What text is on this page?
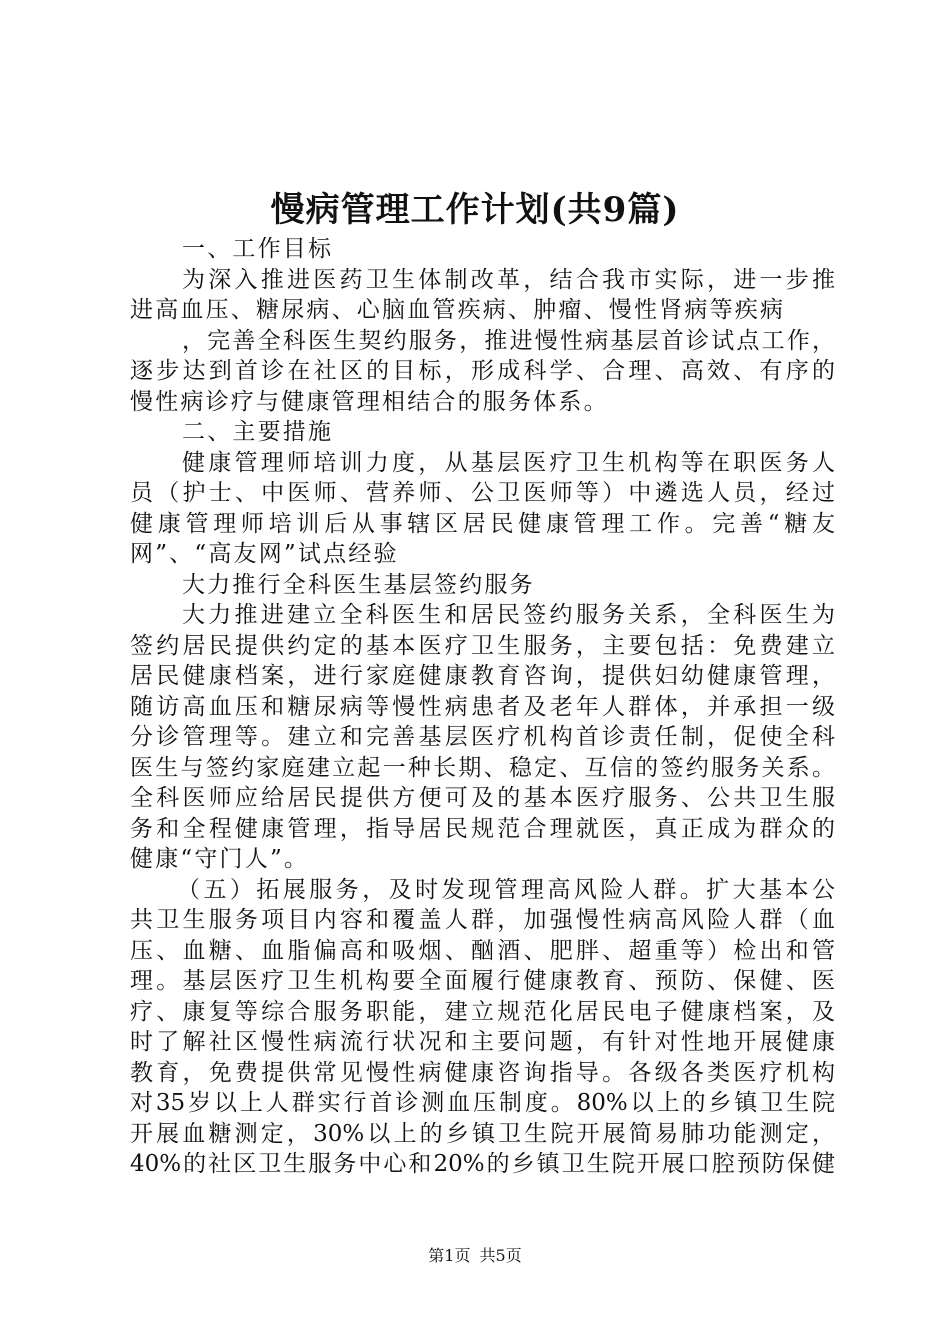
慢病管理工作计划(共9篇)
一、工作目标
为深入推进医药卫生体制改革，结合我市实际，进一步推
进高血压、糖尿病、心脑血管疾病、肿瘤、慢性肾病等疾病
，完善全科医生契约服务，推进慢性病基层首诊试点工作，
逐步达到首诊在社区的目标，形成科学、合理、高效、有序的
慢性病诊疗与健康管理相结合的服务体系。
二、主要措施
健康管理师培训力度，从基层医疗卫生机构等在职医务人
员（护士、中医师、营养师、公卫医师等）中遴选人员，经过
健康管理师培训后从事辖区居民健康管理工作。完善“糖友
网”、“高友网”试点经验
大力推行全科医生基层签约服务
大力推进建立全科医生和居民签约服务关系，全科医生为
签约居民提供约定的基本医疗卫生服务，主要包括：免费建立
居民健康档案，进行家庭健康教育咨询，提供妇幼健康管理，
随访高血压和糖尿病等慢性病患者及老年人群体，并承担一级
分诊管理等。建立和完善基层医疗机构首诊责任制，促使全科
医生与签约家庭建立起一种长期、稳定、互信的签约服务关系。
全科医师应给居民提供方便可及的基本医疗服务、公共卫生服
务和全程健康管理，指导居民规范合理就医，真正成为群众的
健康“守门人”。
（五）拓展服务，及时发现管理高风险人群。扩大基本公
共卫生服务项目内容和覆盖人群，加强慢性病高风险人群（血
压、血糖、血脂偏高和吸烟、酗酒、肥胖、超重等）检出和管
理。基层医疗卫生机构要全面履行健康教育、预防、保健、医
疗、康复等综合服务职能，建立规范化居民电子健康档案，及
时了解社区慢性病流行状况和主要问题，有针对性地开展健康
教育，免费提供常见慢性病健康咨询指导。各级各类医疗机构
对35岁以上人群实行首诊测血压制度。80%以上的乡镇卫生院
开展血糖测定，30%以上的乡镇卫生院开展简易肺功能测定，
40%的社区卫生服务中心和20%的乡镇卫生院开展口腔预防保健
第1页 共5页
